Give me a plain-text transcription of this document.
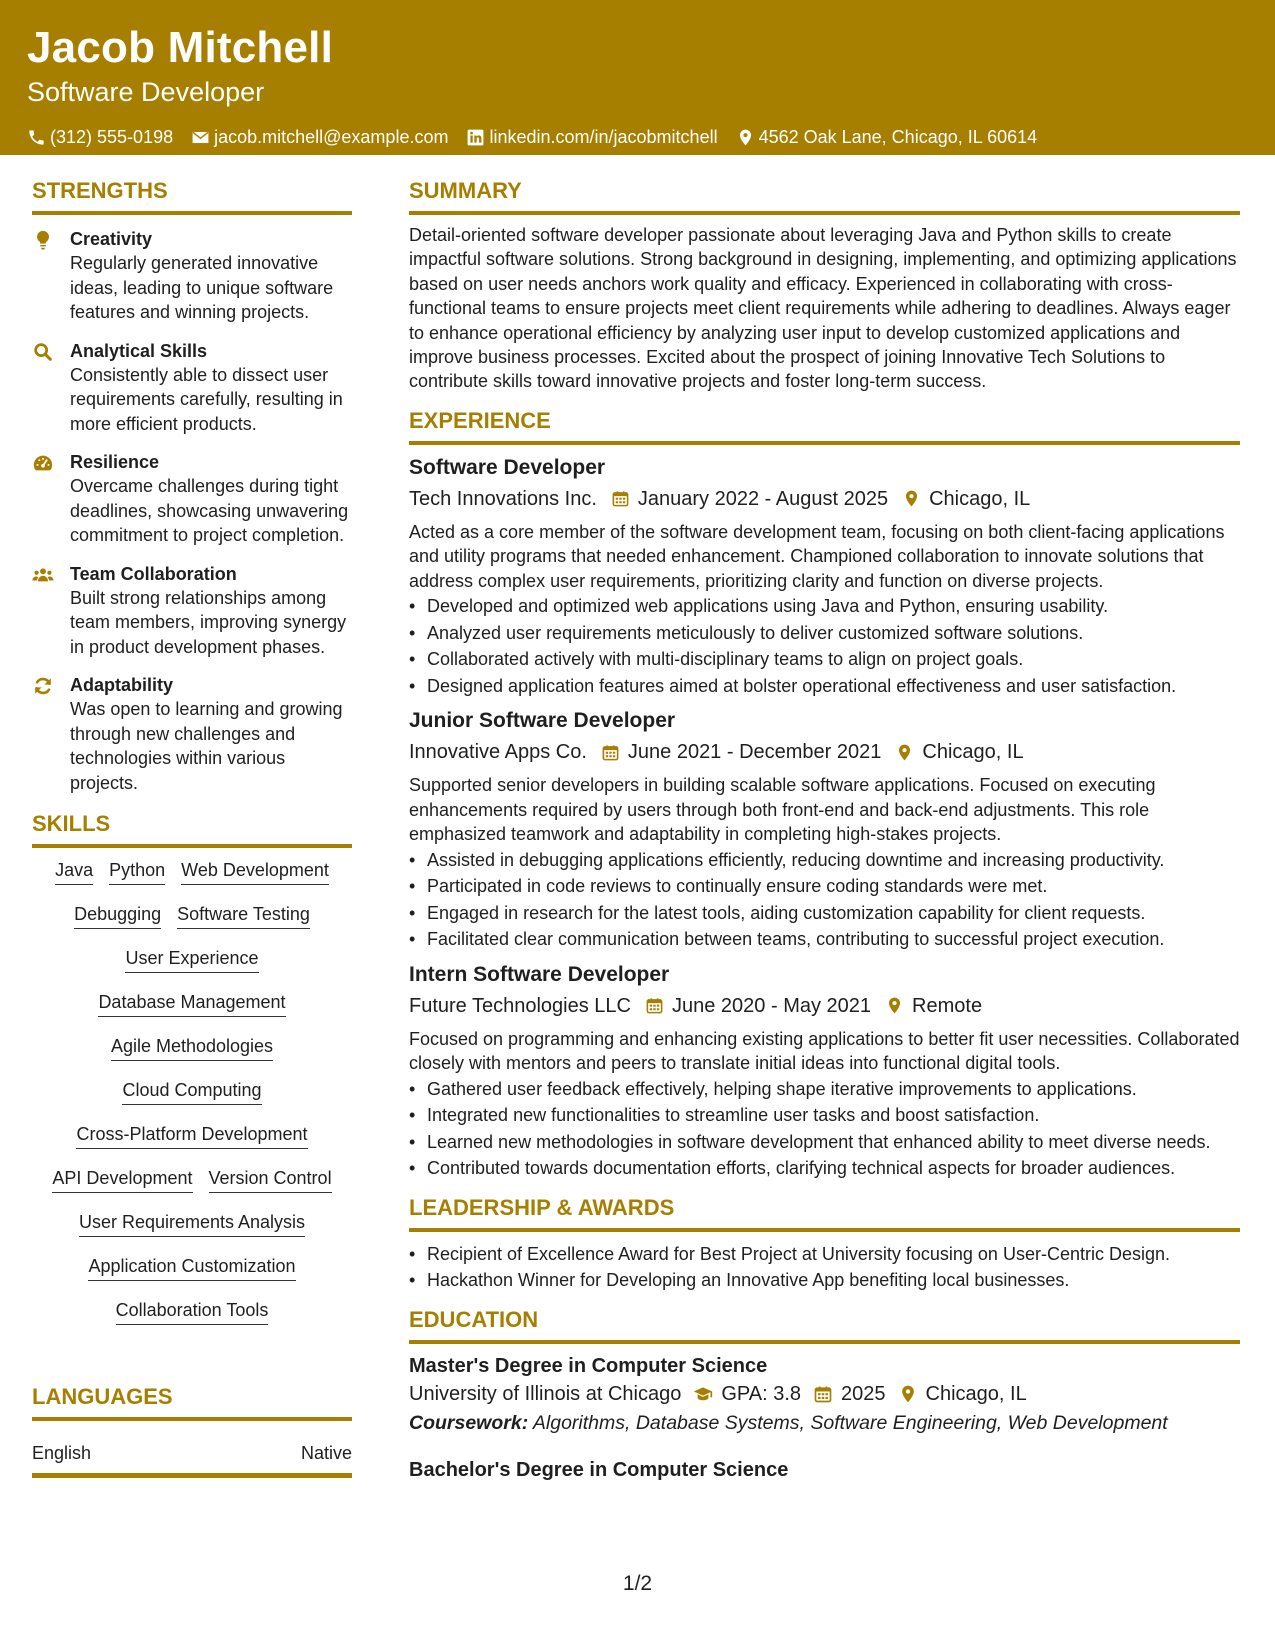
Jacob Mitchell
Software Developer
(312) 555-0198 jacob.mitchell@example.com linkedin.com/in/jacobmitchell 4562 Oak Lane, Chicago, IL 60614
STRENGTHS
Creativity
Regularly generated innovative ideas, leading to unique software features and winning projects.
Analytical Skills
Consistently able to dissect user requirements carefully, resulting in more efficient products.
Resilience
Overcame challenges during tight deadlines, showcasing unwavering commitment to project completion.
Team Collaboration
Built strong relationships among team members, improving synergy in product development phases.
Adaptability
Was open to learning and growing through new challenges and technologies within various projects.
SKILLS
Java Python Web Development
Debugging Software Testing
User Experience
Database Management
Agile Methodologies
Cloud Computing
Cross-Platform Development
API Development Version Control
User Requirements Analysis
Application Customization
Collaboration Tools
LANGUAGES
English	Native
SUMMARY
Detail-oriented software developer passionate about leveraging Java and Python skills to create impactful software solutions. Strong background in designing, implementing, and optimizing applications based on user needs anchors work quality and efficacy. Experienced in collaborating with cross-functional teams to ensure projects meet client requirements while adhering to deadlines. Always eager to enhance operational efficiency by analyzing user input to develop customized applications and improve business processes. Excited about the prospect of joining Innovative Tech Solutions to contribute skills toward innovative projects and foster long-term success.
EXPERIENCE
Software Developer
Tech Innovations Inc. January 2022 - August 2025 Chicago, IL
Acted as a core member of the software development team, focusing on both client-facing applications and utility programs that needed enhancement. Championed collaboration to innovate solutions that address complex user requirements, prioritizing clarity and function on diverse projects.
• Developed and optimized web applications using Java and Python, ensuring usability.
• Analyzed user requirements meticulously to deliver customized software solutions.
• Collaborated actively with multi-disciplinary teams to align on project goals.
• Designed application features aimed at bolster operational effectiveness and user satisfaction.
Junior Software Developer
Innovative Apps Co. June 2021 - December 2021 Chicago, IL
Supported senior developers in building scalable software applications. Focused on executing enhancements required by users through both front-end and back-end adjustments. This role emphasized teamwork and adaptability in completing high-stakes projects.
• Assisted in debugging applications efficiently, reducing downtime and increasing productivity.
• Participated in code reviews to continually ensure coding standards were met.
• Engaged in research for the latest tools, aiding customization capability for client requests.
• Facilitated clear communication between teams, contributing to successful project execution.
Intern Software Developer
Future Technologies LLC June 2020 - May 2021 Remote
Focused on programming and enhancing existing applications to better fit user necessities. Collaborated closely with mentors and peers to translate initial ideas into functional digital tools.
• Gathered user feedback effectively, helping shape iterative improvements to applications.
• Integrated new functionalities to streamline user tasks and boost satisfaction.
• Learned new methodologies in software development that enhanced ability to meet diverse needs.
• Contributed towards documentation efforts, clarifying technical aspects for broader audiences.
LEADERSHIP & AWARDS
• Recipient of Excellence Award for Best Project at University focusing on User-Centric Design.
• Hackathon Winner for Developing an Innovative App benefiting local businesses.
EDUCATION
Master's Degree in Computer Science
University of Illinois at Chicago GPA: 3.8 2025 Chicago, IL
Coursework: Algorithms, Database Systems, Software Engineering, Web Development
Bachelor's Degree in Computer Science
1/2
